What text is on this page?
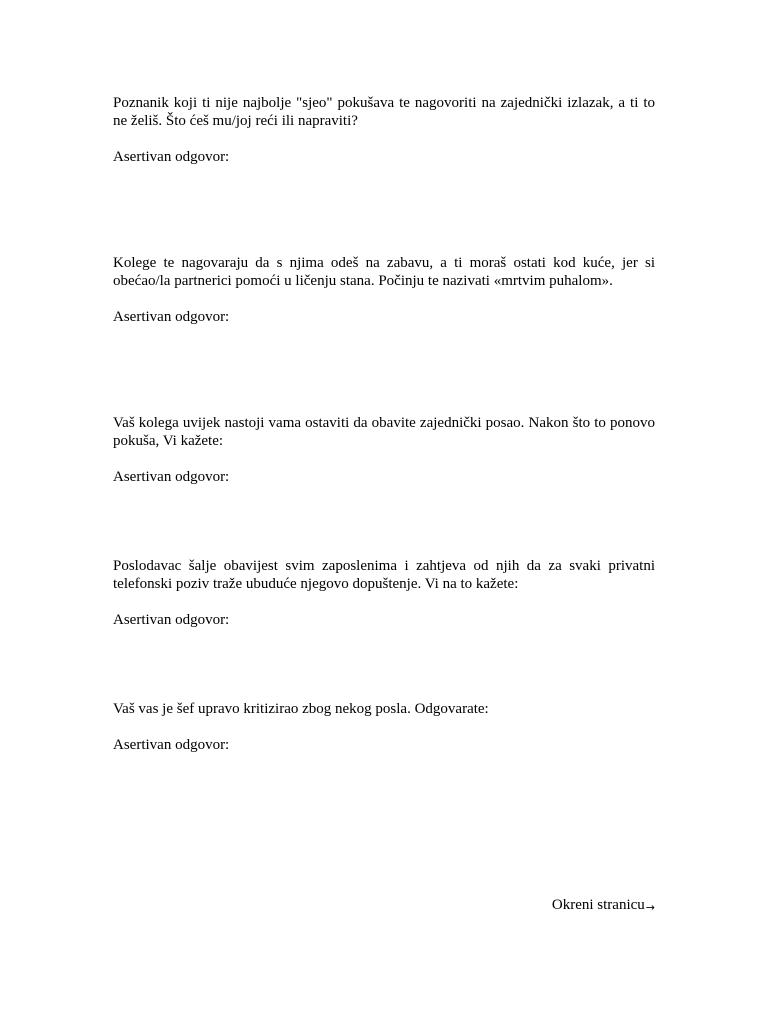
Poznanik koji ti nije najbolje "sjeo" pokušava te nagovoriti na zajednički izlazak, a ti to ne želiš. Što ćeš mu/joj reći ili napraviti?

Asertivan odgovor:

Kolege te nagovaraju da s njima odeš na zabavu, a ti moraš ostati kod kuće, jer si obećao/la partnerici pomoći u ličenju stana. Počinju te nazivati «mrtvim puhalom».

Asertivan odgovor:

Vaš kolega uvijek nastoji vama ostaviti da obavite zajednički posao. Nakon što to ponovo pokuša, Vi kažete:

Asertivan odgovor:

Poslodavac šalje obavijest svim zaposlenima i zahtjeva od njih da za svaki privatni telefonski poziv traže ubuduće njegovo dopuštenje. Vi na to kažete:

Asertivan odgovor:

Vaš vas je šef upravo kritizirao zbog nekog posla. Odgovarate:

Asertivan odgovor:

Okreni stranicu→
